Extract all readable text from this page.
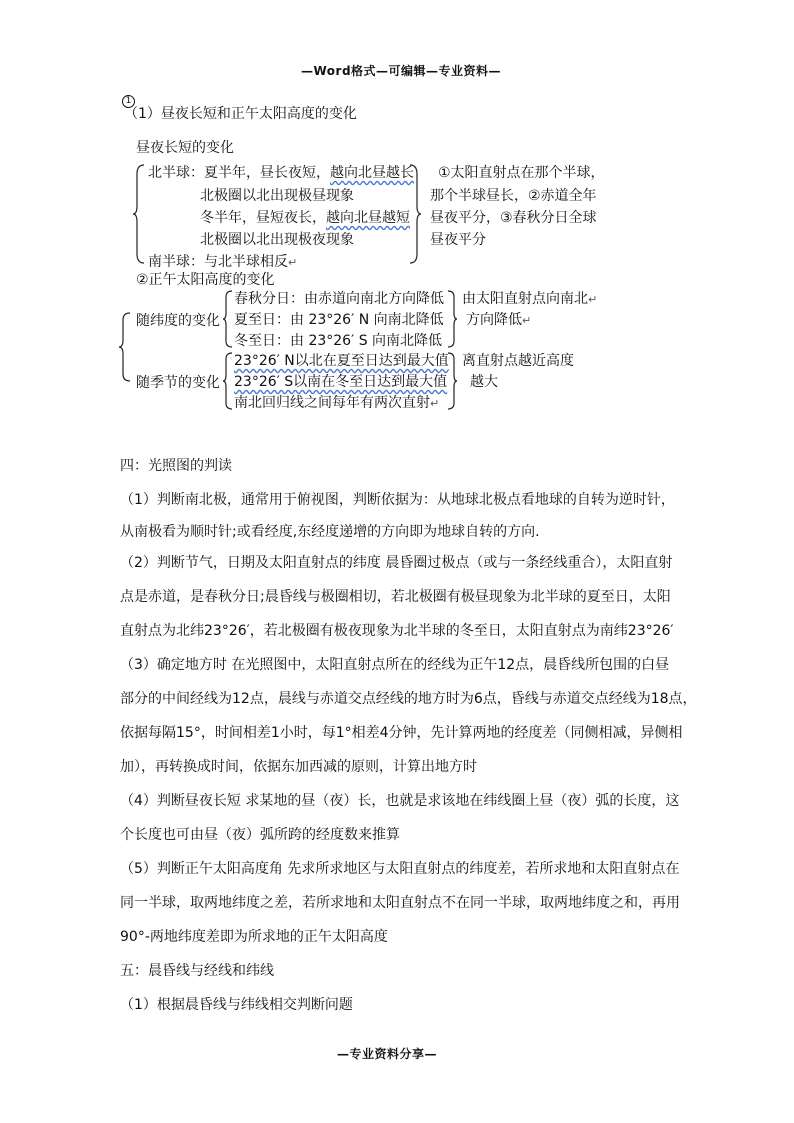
—Word格式—可编辑—专业资料—
—专业资料分享—
1
（1）昼夜长短和正午太阳高度的变化
昼夜长短的变化
北半球：夏半年，昼长夜短，越向北昼越长
北极圈以北出现极昼现象
冬半年，昼短夜长，越向北昼越短
北极圈以北出现极夜现象
南半球：与北半球相反↵
①太阳直射点在那个半球，
那个半球昼长，②赤道全年
昼夜平分，③春秋分日全球
昼夜平分
②正午太阳高度的变化
随纬度的变化
随季节的变化
春秋分日：由赤道向南北方向降低
夏至日：由 23°26′ N 向南北降低
冬至日：由 23°26′ S 向南北降低
由太阳直射点向南北↵
方向降低↵
23°26′ N以北在夏至日达到最大值
23°26′ S以南在冬至日达到最大值
南北回归线之间每年有两次直射↵
离直射点越近高度
越大
四：光照图的判读
（1）判断南北极，通常用于俯视图，判断依据为：从地球北极点看地球的自转为逆时针，
从南极看为顺时针;或看经度,东经度递增的方向即为地球自转的方向.
（2）判断节气，日期及太阳直射点的纬度 晨昏圈过极点（或与一条经线重合），太阳直射
点是赤道，是春秋分日;晨昏线与极圈相切，若北极圈有极昼现象为北半球的夏至日，太阳
直射点为北纬23°26′，若北极圈有极夜现象为北半球的冬至日，太阳直射点为南纬23°26′
（3）确定地方时 在光照图中，太阳直射点所在的经线为正午12点，晨昏线所包围的白昼
部分的中间经线为12点，晨线与赤道交点经线的地方时为6点，昏线与赤道交点经线为18点，
依据每隔15°，时间相差1小时，每1°相差4分钟，先计算两地的经度差（同侧相减，异侧相
加），再转换成时间，依据东加西减的原则，计算出地方时
（4）判断昼夜长短 求某地的昼（夜）长，也就是求该地在纬线圈上昼（夜）弧的长度，这
个长度也可由昼（夜）弧所跨的经度数来推算
（5）判断正午太阳高度角 先求所求地区与太阳直射点的纬度差，若所求地和太阳直射点在
同一半球，取两地纬度之差，若所求地和太阳直射点不在同一半球，取两地纬度之和，再用
90°-两地纬度差即为所求地的正午太阳高度
五：晨昏线与经线和纬线
（1）根据晨昏线与纬线相交判断问题
